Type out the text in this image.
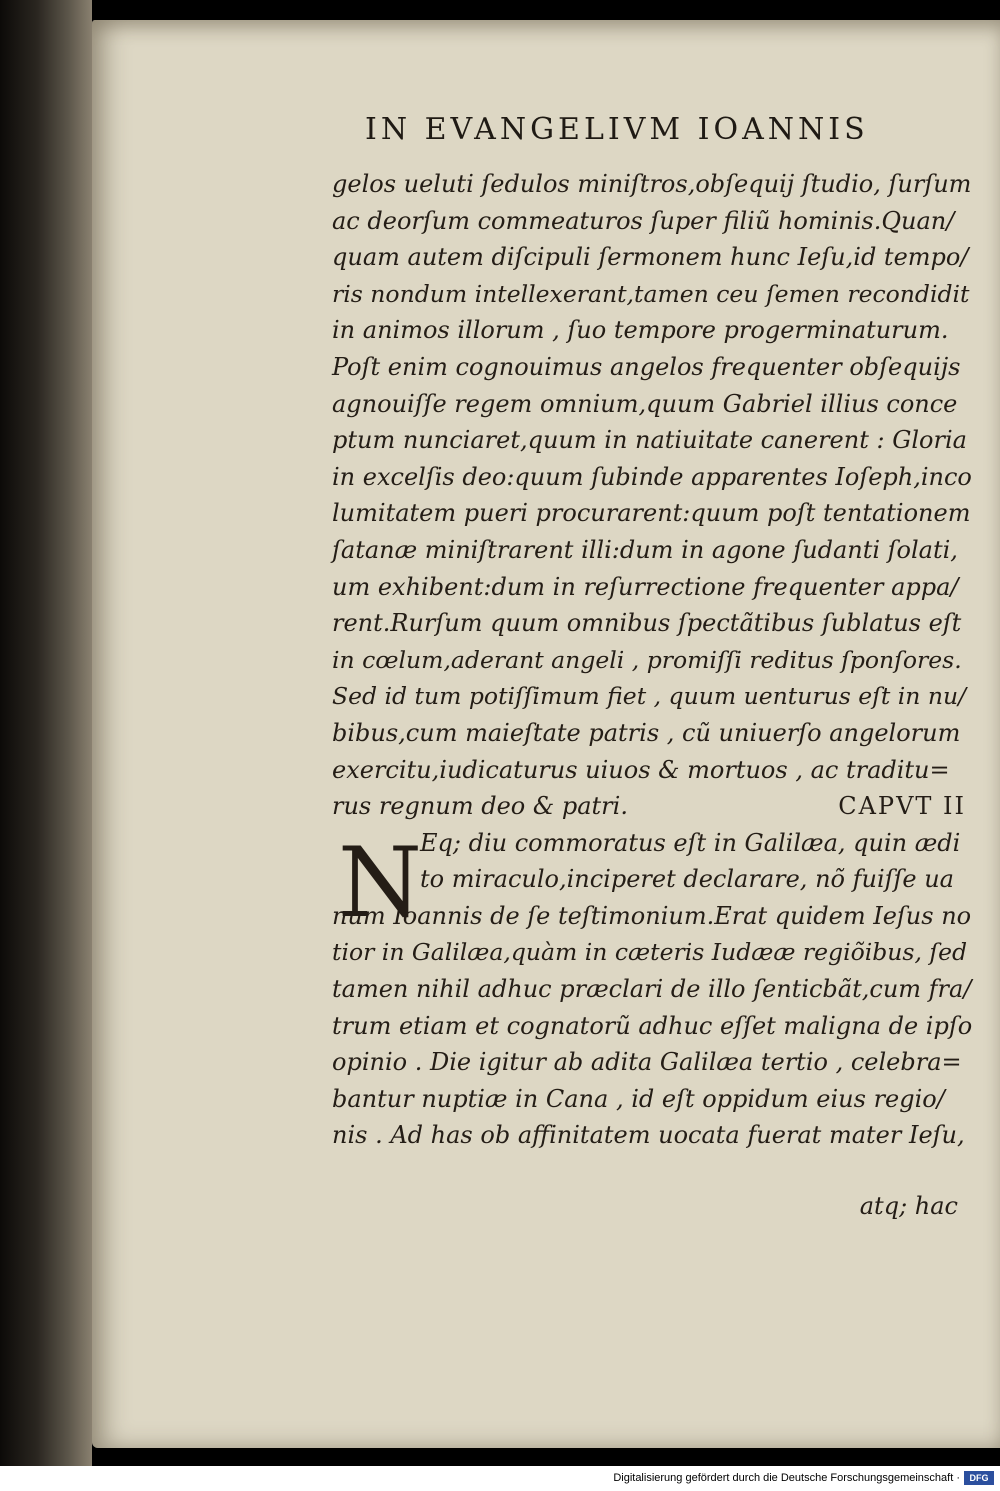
IN EVANGELIVM IOANNIS
N
gelos ueluti ſedulos miniſtros,obſequij ſtudio, ſurſum
ac deorſum commeaturos ſuper filiũ hominis.Quan/
quam autem diſcipuli ſermonem hunc Ieſu,id tempo/
ris nondum intellexerant,tamen ceu ſemen recondidit
in animos illorum , ſuo tempore progerminaturum.
Poſt enim cognouimus angelos frequenter obſequijs
agnouiſſe regem omnium,quum Gabriel illius conce
ptum nunciaret,quum in natiuitate canerent : Gloria
in excelſis deo:quum ſubinde apparentes Ioſeph,inco
lumitatem pueri procurarent:quum poſt tentationem
ſatanæ miniſtrarent illi:dum in agone ſudanti ſolati,
um exhibent:dum in reſurrectione frequenter appa/
rent.Rurſum quum omnibus ſpectãtibus ſublatus eſt
in cœlum,aderant angeli , promiſſi reditus ſponſores.
Sed id tum potiſſimum fiet , quum uenturus eſt in nu/
bibus,cum maieſtate patris , cũ uniuerſo angelorum
exercitu,iudicaturus uiuos & mortuos , ac traditu=
rus regnum deo & patri.	CAPVT II
Eq; diu commoratus eſt in Galilæa, quin ædi
to miraculo,inciperet declarare, nõ fuiſſe ua
num Ioannis de ſe teſtimonium.Erat quidem Ieſus no
tior in Galilæa,quàm in cæteris Iudææ regiõibus, ſed
tamen nihil adhuc præclari de illo ſenticbãt,cum fra/
trum etiam et cognatorũ adhuc eſſet maligna de ipſo
opinio . Die igitur ab adita Galilæa tertio , celebra=
bantur nuptiæ in Cana , id eſt oppidum eius regio/
nis . Ad has ob affinitatem uocata fuerat mater Ieſu,
atq; hac
Digitalisierung gefördert durch die Deutsche Forschungsgemeinschaft ·	DFG
